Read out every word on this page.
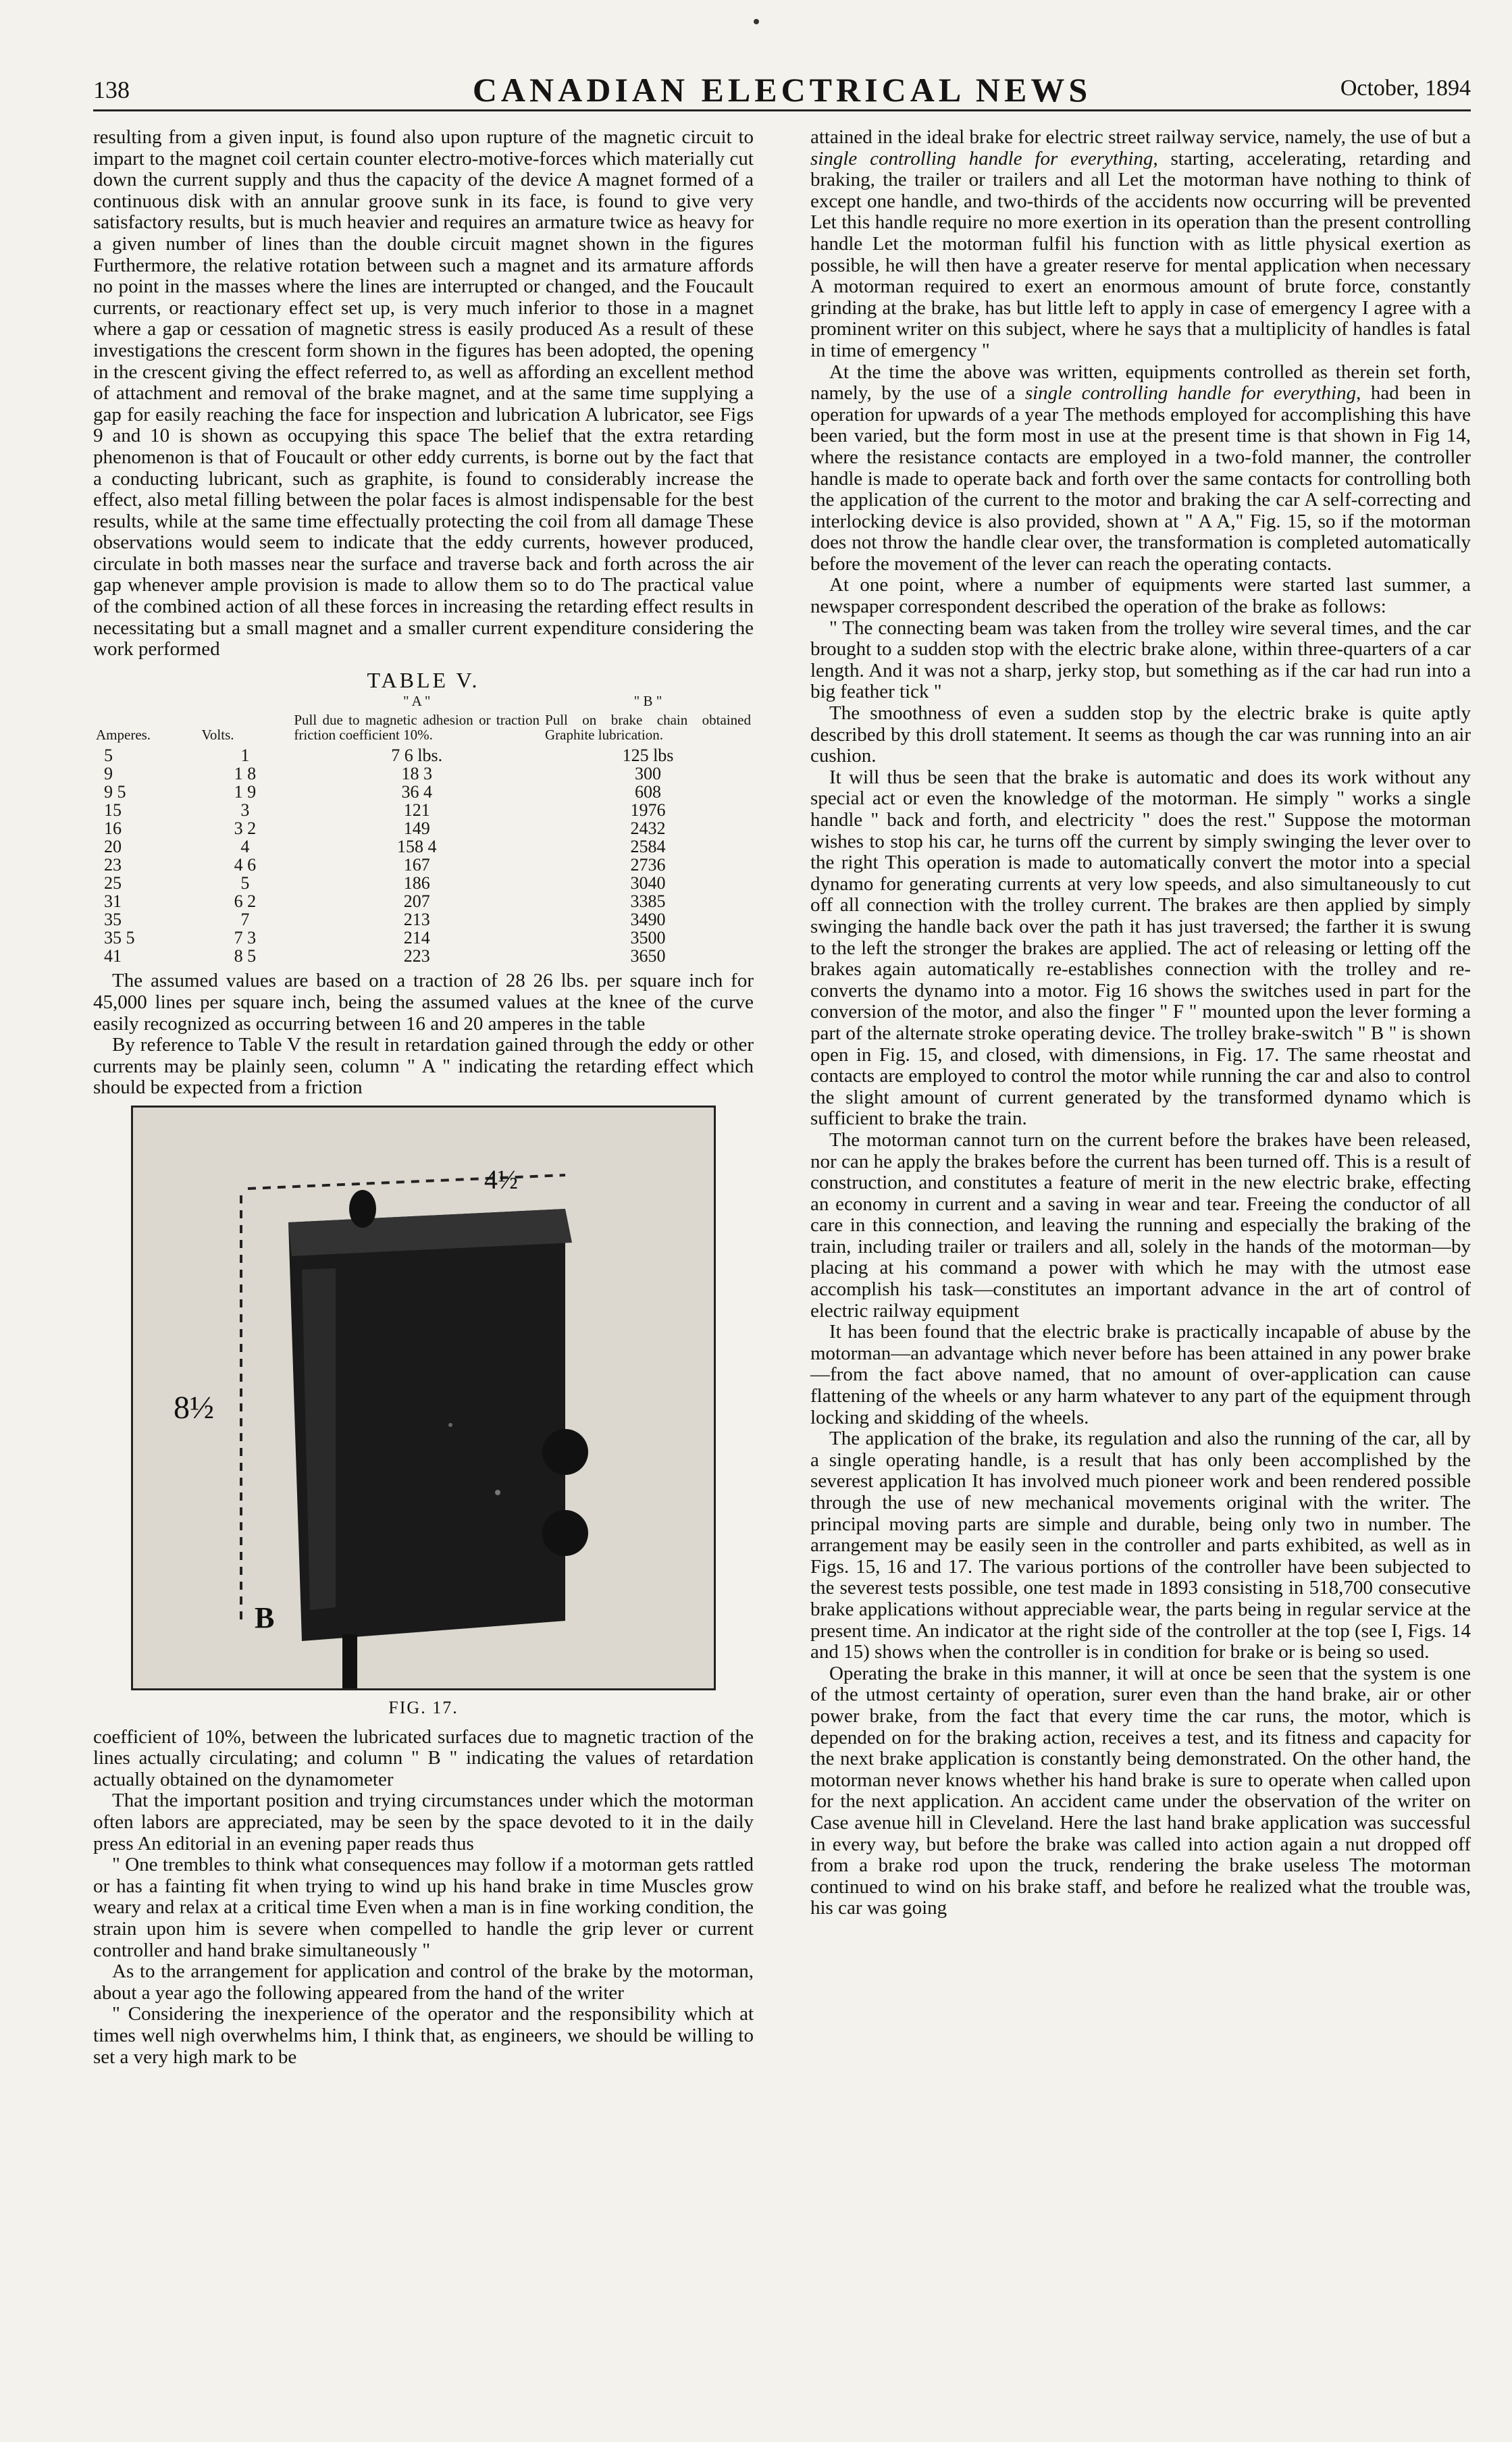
138	CANADIAN ELECTRICAL NEWS	October, 1894

resulting from a given input, is found also upon rupture of the magnetic circuit to impart to the magnet coil certain counter electro-motive-forces which materially cut down the current supply and thus the capacity of the device A magnet formed of a continuous disk with an annular groove sunk in its face, is found to give very satisfactory results, but is much heavier and requires an armature twice as heavy for a given number of lines than the double circuit magnet shown in the figures Furthermore, the relative rotation between such a magnet and its armature affords no point in the masses where the lines are interrupted or changed, and the Foucault currents, or reactionary effect set up, is very much inferior to those in a magnet where a gap or cessation of magnetic stress is easily produced As a result of these investigations the crescent form shown in the figures has been adopted, the opening in the crescent giving the effect referred to, as well as affording an excellent method of attachment and removal of the brake magnet, and at the same time supplying a gap for easily reaching the face for inspection and lubrication A lubricator, see Figs 9 and 10 is shown as occupying this space The belief that the extra retarding phenomenon is that of Foucault or other eddy currents, is borne out by the fact that a conducting lubricant, such as graphite, is found to considerably increase the effect, also metal filling between the polar faces is almost indispensable for the best results, while at the same time effectually protecting the coil from all damage These observations would seem to indicate that the eddy currents, however produced, circulate in both masses near the surface and traverse back and forth across the air gap whenever ample provision is made to allow them so to do The practical value of the combined action of all these forces in increasing the retarding effect results in necessitating but a small magnet and a smaller current expenditure considering the work performed

TABLE V.
		" A "	" B "
Amperes.	Volts.	Pull due to magnetic adhesion or traction friction coefficient 10%.	Pull on brake chain obtained Graphite lubrication.
5	1	7 6 lbs.	125 lbs
9	1 8	18 3	300
9 5	1 9	36 4	608
15	3	121	1976
16	3 2	149	2432
20	4	158 4	2584
23	4 6	167	2736
25	5	186	3040
31	6 2	207	3385
35	7	213	3490
35 5	7 3	214	3500
41	8 5	223	3650

The assumed values are based on a traction of 28 26 lbs. per square inch for 45,000 lines per square inch, being the assumed values at the knee of the curve easily recognized as occurring between 16 and 20 amperes in the table

By reference to Table V the result in retardation gained through the eddy or other currents may be plainly seen, column " A " indicating the retarding effect which should be expected from a friction

4½
8½
B
FIG. 17.

coefficient of 10%, between the lubricated surfaces due to magnetic traction of the lines actually circulating; and column " B " indicating the values of retardation actually obtained on the dynamometer

That the important position and trying circumstances under which the motorman often labors are appreciated, may be seen by the space devoted to it in the daily press An editorial in an evening paper reads thus

" One trembles to think what consequences may follow if a motorman gets rattled or has a fainting fit when trying to wind up his hand brake in time Muscles grow weary and relax at a critical time Even when a man is in fine working condition, the strain upon him is severe when compelled to handle the grip lever or current controller and hand brake simultaneously "

As to the arrangement for application and control of the brake by the motorman, about a year ago the following appeared from the hand of the writer

" Considering the inexperience of the operator and the responsibility which at times well nigh overwhelms him, I think that, as engineers, we should be willing to set a very high mark to be

attained in the ideal brake for electric street railway service, namely, the use of but a single controlling handle for everything, starting, accelerating, retarding and braking, the trailer or trailers and all Let the motorman have nothing to think of except one handle, and two-thirds of the accidents now occurring will be prevented Let this handle require no more exertion in its operation than the present controlling handle Let the motorman fulfil his function with as little physical exertion as possible, he will then have a greater reserve for mental application when necessary A motorman required to exert an enormous amount of brute force, constantly grinding at the brake, has but little left to apply in case of emergency I agree with a prominent writer on this subject, where he says that a multiplicity of handles is fatal in time of emergency "

At the time the above was written, equipments controlled as therein set forth, namely, by the use of a single controlling handle for everything, had been in operation for upwards of a year The methods employed for accomplishing this have been varied, but the form most in use at the present time is that shown in Fig 14, where the resistance contacts are employed in a two-fold manner, the controller handle is made to operate back and forth over the same contacts for controlling both the application of the current to the motor and braking the car A self-correcting and interlocking device is also provided, shown at " A A," Fig. 15, so if the motorman does not throw the handle clear over, the transformation is completed automatically before the movement of the lever can reach the operating contacts.

At one point, where a number of equipments were started last summer, a newspaper correspondent described the operation of the brake as follows:

" The connecting beam was taken from the trolley wire several times, and the car brought to a sudden stop with the electric brake alone, within three-quarters of a car length. And it was not a sharp, jerky stop, but something as if the car had run into a big feather tick "

The smoothness of even a sudden stop by the electric brake is quite aptly described by this droll statement. It seems as though the car was running into an air cushion.

It will thus be seen that the brake is automatic and does its work without any special act or even the knowledge of the motorman. He simply " works a single handle " back and forth, and electricity " does the rest." Suppose the motorman wishes to stop his car, he turns off the current by simply swinging the lever over to the right This operation is made to automatically convert the motor into a special dynamo for generating currents at very low speeds, and also simultaneously to cut off all connection with the trolley current. The brakes are then applied by simply swinging the handle back over the path it has just traversed; the farther it is swung to the left the stronger the brakes are applied. The act of releasing or letting off the brakes again automatically re-establishes connection with the trolley and re-converts the dynamo into a motor. Fig 16 shows the switches used in part for the conversion of the motor, and also the finger " F " mounted upon the lever forming a part of the alternate stroke operating device. The trolley brake-switch " B " is shown open in Fig. 15, and closed, with dimensions, in Fig. 17. The same rheostat and contacts are employed to control the motor while running the car and also to control the slight amount of current generated by the transformed dynamo which is sufficient to brake the train.

The motorman cannot turn on the current before the brakes have been released, nor can he apply the brakes before the current has been turned off. This is a result of construction, and constitutes a feature of merit in the new electric brake, effecting an economy in current and a saving in wear and tear. Freeing the conductor of all care in this connection, and leaving the running and especially the braking of the train, including trailer or trailers and all, solely in the hands of the motorman—by placing at his command a power with which he may with the utmost ease accomplish his task—constitutes an important advance in the art of control of electric railway equipment

It has been found that the electric brake is practically incapable of abuse by the motorman—an advantage which never before has been attained in any power brake—from the fact above named, that no amount of over-application can cause flattening of the wheels or any harm whatever to any part of the equipment through locking and skidding of the wheels.

The application of the brake, its regulation and also the running of the car, all by a single operating handle, is a result that has only been accomplished by the severest application It has involved much pioneer work and been rendered possible through the use of new mechanical movements original with the writer. The principal moving parts are simple and durable, being only two in number. The arrangement may be easily seen in the controller and parts exhibited, as well as in Figs. 15, 16 and 17. The various portions of the controller have been subjected to the severest tests possible, one test made in 1893 consisting in 518,700 consecutive brake applications without appreciable wear, the parts being in regular service at the present time. An indicator at the right side of the controller at the top (see I, Figs. 14 and 15) shows when the controller is in condition for brake or is being so used.

Operating the brake in this manner, it will at once be seen that the system is one of the utmost certainty of operation, surer even than the hand brake, air or other power brake, from the fact that every time the car runs, the motor, which is depended on for the braking action, receives a test, and its fitness and capacity for the next brake application is constantly being demonstrated. On the other hand, the motorman never knows whether his hand brake is sure to operate when called upon for the next application. An accident came under the observation of the writer on Case avenue hill in Cleveland. Here the last hand brake application was successful in every way, but before the brake was called into action again a nut dropped off from a brake rod upon the truck, rendering the brake useless The motorman continued to wind on his brake staff, and before he realized what the trouble was, his car was going
